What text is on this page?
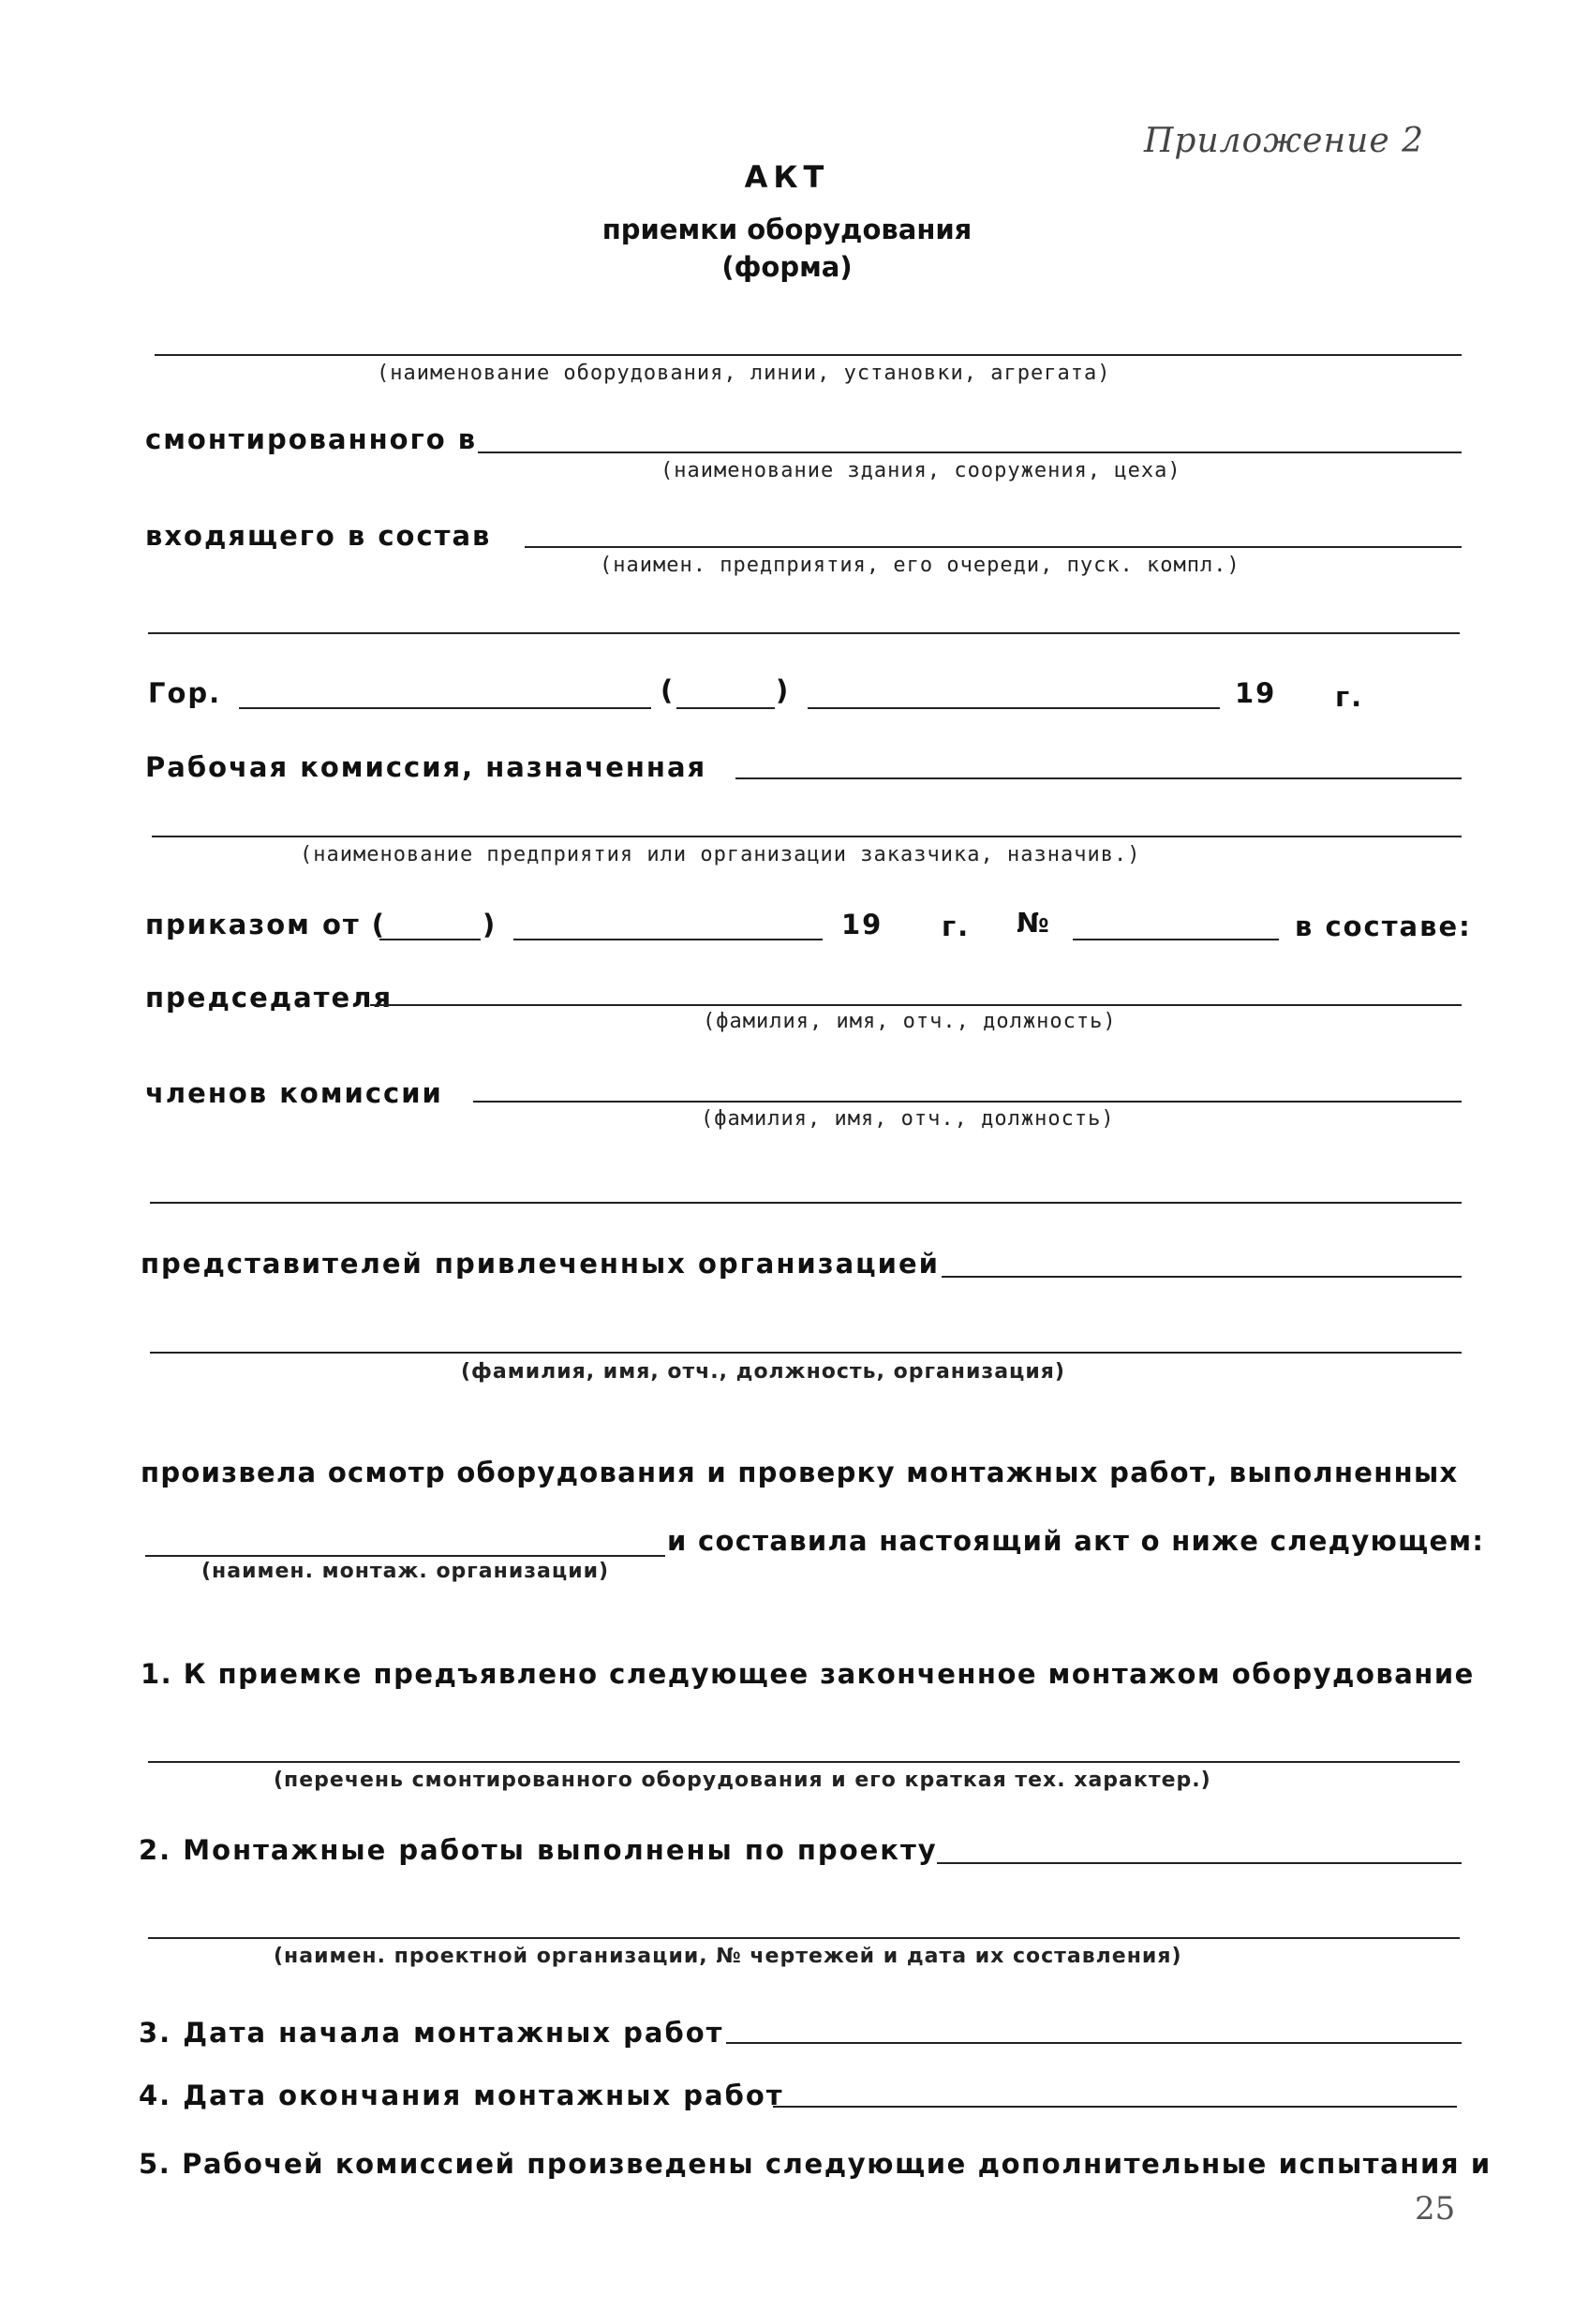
Приложение 2
АКТ
приемки оборудования
(форма)
(наименование оборудования, линии, установки, агрегата)
смонтированного в
(наименование здания, сооружения, цеха)
входящего в состав
(наимен. предприятия, его очереди, пуск. компл.)
Гор.	(	)	19 г.
Рабочая комиссия, назначенная
(наименование предприятия или организации заказчика, назначив.)
приказом от (	)	19 г. №	в составе:
председателя
(фамилия, имя, отч., должность)
членов комиссии
(фамилия, имя, отч., должность)
представителей привлеченных организацией
(фамилия, имя, отч., должность, организация)
произвела осмотр оборудования и проверку монтажных работ, выполненных
и составила настоящий акт о ниже следующем:
(наимен. монтаж. организации)
1. К приемке предъявлено следующее законченное монтажом оборудование
(перечень смонтированного оборудования и его краткая тех. характер.)
2. Монтажные работы выполнены по проекту
(наимен. проектной организации, № чертежей и дата их составления)
3. Дата начала монтажных работ
4. Дата окончания монтажных работ
5. Рабочей комиссией произведены следующие дополнительные испытания и
25
